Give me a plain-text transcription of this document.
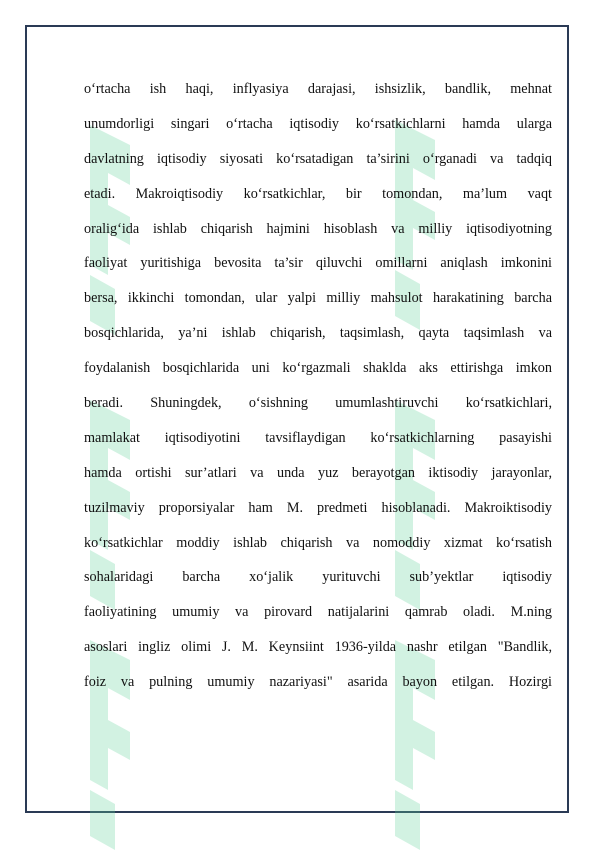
o‘rtacha ish haqi, inflyasiya darajasi, ishsizlik, bandlik, mehnat
unumdorligi singari o‘rtacha iqtisodiy ko‘rsatkichlarni hamda ularga
davlatning iqtisodiy siyosati ko‘rsatadigan ta’sirini o‘rganadi va tadqiq
etadi. Makroiqtisodiy ko‘rsatkichlar, bir tomondan, ma’lum vaqt
oralig‘ida ishlab chiqarish hajmini hisoblash va milliy iqtisodiyotning
faoliyat yuritishiga bevosita ta’sir qiluvchi omillarni aniqlash imkonini
bersa, ikkinchi tomondan, ular yalpi milliy mahsulot harakatining barcha
bosqichlarida, ya’ni ishlab chiqarish, taqsimlash, qayta taqsimlash va
foydalanish bosqichlarida uni ko‘rgazmali shaklda aks ettirishga imkon
beradi. Shuningdek, o‘sishning umumlashtiruvchi ko‘rsatkichlari,
mamlakat iqtisodiyotini tavsiflaydigan ko‘rsatkichlarning pasayishi
hamda ortishi sur’atlari va unda yuz berayotgan iktisodiy jarayonlar,
tuzilmaviy proporsiyalar ham M. predmeti hisoblanadi. Makroiktisodiy
ko‘rsatkichlar moddiy ishlab chiqarish va nomoddiy xizmat ko‘rsatish
sohalaridagi barcha xo‘jalik yurituvchi sub’yektlar iqtisodiy
faoliyatining umumiy va pirovard natijalarini qamrab oladi. M.ning
asoslari ingliz olimi J. M. Keynsiint 1936-yilda nashr etilgan "Bandlik,
foiz va pulning umumiy nazariyasi" asarida bayon etilgan. Hozirgi
